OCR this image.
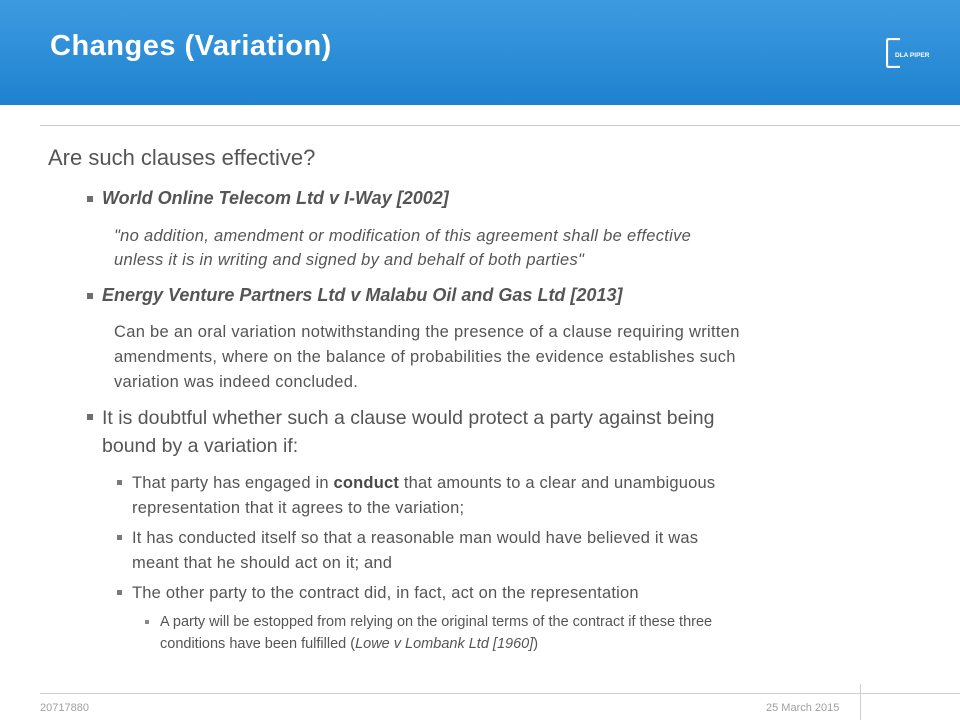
Changes (Variation)	DLA PIPER

Are such clauses effective?

World Online Telecom Ltd v I-Way [2002]

"no addition, amendment or modification of this agreement shall be effective

unless it is in writing and signed by and behalf of both parties"

Energy Venture Partners Ltd v Malabu Oil and Gas Ltd [2013]

Can be an oral variation notwithstanding the presence of a clause requiring written

amendments, where on the balance of probabilities the evidence establishes such

variation was indeed concluded.

It is doubtful whether such a clause would protect a party against being

bound by a variation if:

That party has engaged in conduct that amounts to a clear and unambiguous

representation that it agrees to the variation;

It has conducted itself so that a reasonable man would have believed it was

meant that he should act on it; and

The other party to the contract did, in fact, act on the representation

A party will be estopped from relying on the original terms of the contract if these three

conditions have been fulfilled (Lowe v Lombank Ltd [1960])

20717880	25 March 2015
